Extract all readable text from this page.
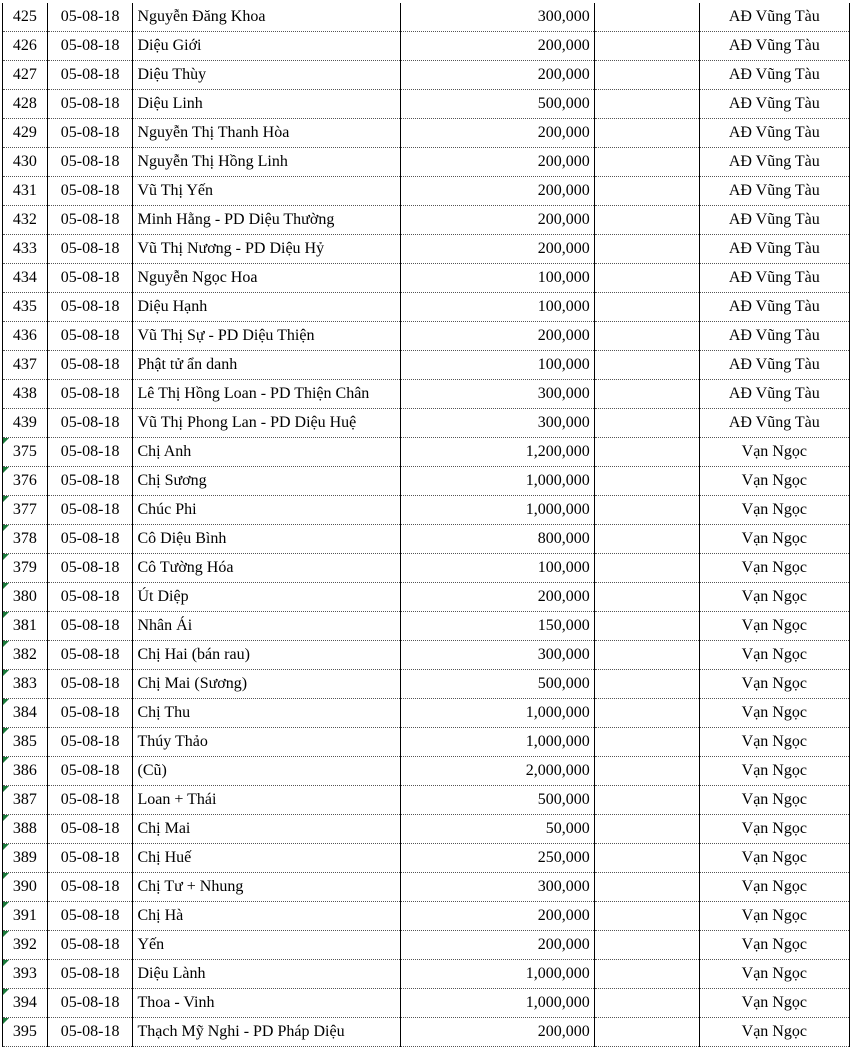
425	05-08-18	Nguyễn Đăng Khoa	300,000		AĐ Vũng Tàu
426	05-08-18	Diệu Giới	200,000		AĐ Vũng Tàu
427	05-08-18	Diệu Thùy	200,000		AĐ Vũng Tàu
428	05-08-18	Diệu Linh	500,000		AĐ Vũng Tàu
429	05-08-18	Nguyễn Thị Thanh Hòa	200,000		AĐ Vũng Tàu
430	05-08-18	Nguyễn Thị Hồng Linh	200,000		AĐ Vũng Tàu
431	05-08-18	Vũ Thị Yến	200,000		AĐ Vũng Tàu
432	05-08-18	Minh Hằng - PD Diệu Thường	200,000		AĐ Vũng Tàu
433	05-08-18	Vũ Thị Nương - PD Diệu Hỷ	200,000		AĐ Vũng Tàu
434	05-08-18	Nguyễn Ngọc Hoa	100,000		AĐ Vũng Tàu
435	05-08-18	Diệu Hạnh	100,000		AĐ Vũng Tàu
436	05-08-18	Vũ Thị Sự - PD Diệu Thiện	200,000		AĐ Vũng Tàu
437	05-08-18	Phật tử ẩn danh	100,000		AĐ Vũng Tàu
438	05-08-18	Lê Thị Hồng Loan - PD Thiện Chân	300,000		AĐ Vũng Tàu
439	05-08-18	Vũ Thị Phong Lan - PD Diệu Huệ	300,000		AĐ Vũng Tàu
375	05-08-18	Chị Anh	1,200,000		Vạn Ngọc
376	05-08-18	Chị Sương	1,000,000		Vạn Ngọc
377	05-08-18	Chúc Phi	1,000,000		Vạn Ngọc
378	05-08-18	Cô Diệu Bình	800,000		Vạn Ngọc
379	05-08-18	Cô Tường Hóa	100,000		Vạn Ngọc
380	05-08-18	Út Diệp	200,000		Vạn Ngọc
381	05-08-18	Nhân Ái	150,000		Vạn Ngọc
382	05-08-18	Chị Hai (bán rau)	300,000		Vạn Ngọc
383	05-08-18	Chị Mai (Sương)	500,000		Vạn Ngọc
384	05-08-18	Chị Thu	1,000,000		Vạn Ngọc
385	05-08-18	Thúy Thảo	1,000,000		Vạn Ngọc
386	05-08-18	(Cũ)	2,000,000		Vạn Ngọc
387	05-08-18	Loan + Thái	500,000		Vạn Ngọc
388	05-08-18	Chị Mai	50,000		Vạn Ngọc
389	05-08-18	Chị Huế	250,000		Vạn Ngọc
390	05-08-18	Chị Tư + Nhung	300,000		Vạn Ngọc
391	05-08-18	Chị Hà	200,000		Vạn Ngọc
392	05-08-18	Yến	200,000		Vạn Ngọc
393	05-08-18	Diệu Lành	1,000,000		Vạn Ngọc
394	05-08-18	Thoa - Vinh	1,000,000		Vạn Ngọc
395	05-08-18	Thạch Mỹ Nghi - PD Pháp Diệu	200,000		Vạn Ngọc
